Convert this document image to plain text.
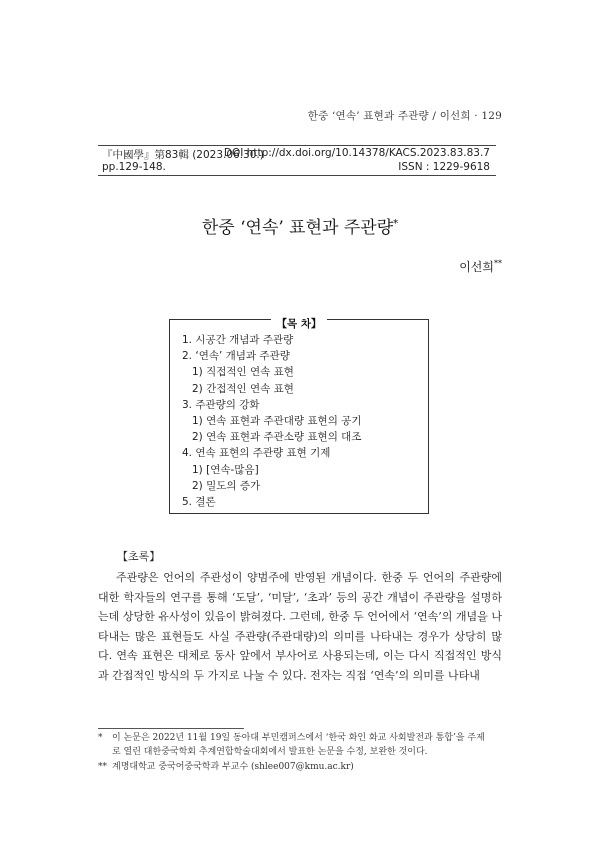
한중 ‘연속’ 표현과 주관량 / 이선희 · 129
『中國學』第83輯 (2023.06.30.)
DOI http://dx.doi.org/10.14378/KACS.2023.83.83.7
pp.129-148.	ISSN : 1229-9618
한중 ‘연속’ 표현과 주관량*
이선희**
【목 차】
1. 시공간 개념과 주관량
2. ‘연속’ 개념과 주관량
1) 직접적인 연속 표현
2) 간접적인 연속 표현
3. 주관량의 강화
1) 연속 표현과 주관대량 표현의 공기
2) 연속 표현과 주관소량 표현의 대조
4. 연속 표현의 주관량 표현 기제
1) [연속-많음]
2) 밀도의 증가
5. 결론
【초록】

주관량은 언어의 주관성이 양범주에 반영된 개념이다. 한중 두 언어의 주관량에 대한 학자들의 연구를 통해 ‘도달’, ‘미달’, ‘초과’ 등의 공간 개념이 주관량을 설명하는데 상당한 유사성이 있음이 밝혀졌다. 그런데, 한중 두 언어에서 ‘연속’의 개념을 나타내는 많은 표현들도 사실 주관량(주관대량)의 의미를 나타내는 경우가 상당히 많다. 연속 표현은 대체로 동사 앞에서 부사어로 사용되는데, 이는 다시 직접적인 방식과 간접적인 방식의 두 가지로 나눌 수 있다. 전자는 직접 ‘연속’의 의미를 나타내

* 이 논문은 2022년 11월 19일 동아대 부민캠퍼스에서 ‘한국 화인 화교 사회발전과 통합’을 주제
로 열린 대한중국학회 추계연합학술대회에서 발표한 논문을 수정, 보완한 것이다.
** 계명대학교 중국어중국학과 부교수 (shlee007@kmu.ac.kr)
